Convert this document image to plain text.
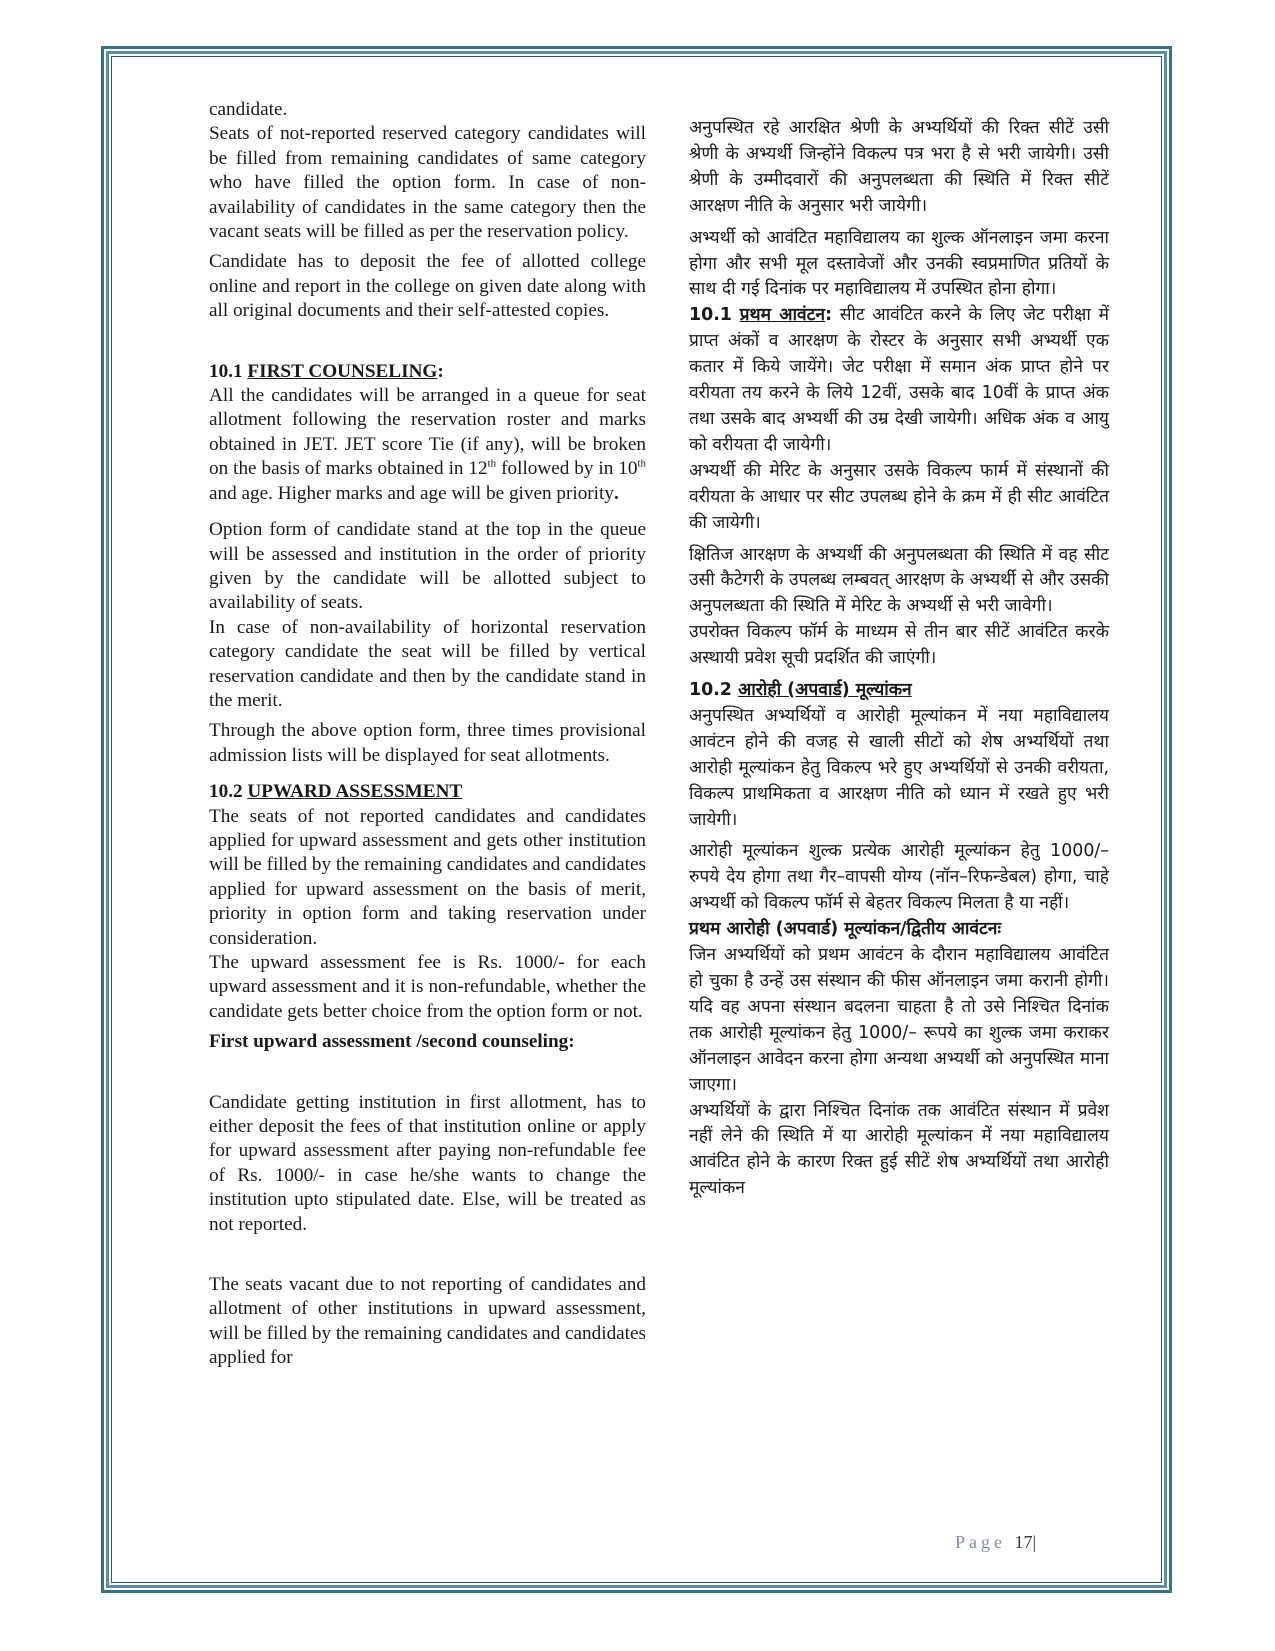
candidate.

Seats of not-reported reserved category candidates will be filled from remaining candidates of same category who have filled the option form. In case of non-availability of candidates in the same category then the vacant seats will be filled as per the reservation policy.

Candidate has to deposit the fee of allotted college online and report in the college on given date along with all original documents and their self-attested copies.

10.1 FIRST COUNSELING:

All the candidates will be arranged in a queue for seat allotment following the reservation roster and marks obtained in JET. JET score Tie (if any), will be broken on the basis of marks obtained in 12th followed by in 10th and age. Higher marks and age will be given priority.

Option form of candidate stand at the top in the queue will be assessed and institution in the order of priority given by the candidate will be allotted subject to availability of seats.

In case of non-availability of horizontal reservation category candidate the seat will be filled by vertical reservation candidate and then by the candidate stand in the merit.

Through the above option form, three times provisional admission lists will be displayed for seat allotments.

10.2 UPWARD ASSESSMENT

The seats of not reported candidates and candidates applied for upward assessment and gets other institution will be filled by the remaining candidates and candidates applied for upward assessment on the basis of merit, priority in option form and taking reservation under consideration.

The upward assessment fee is Rs. 1000/- for each upward assessment and it is non-refundable, whether the candidate gets better choice from the option form or not.

First upward assessment /second counseling:

Candidate getting institution in first allotment, has to either deposit the fees of that institution online or apply for upward assessment after paying non-refundable fee of Rs. 1000/- in case he/she wants to change the institution upto stipulated date. Else, will be treated as not reported.

The seats vacant due to not reporting of candidates and allotment of other institutions in upward assessment, will be filled by the remaining candidates and candidates applied for

अनुपस्थित रहे आरक्षित श्रेणी के अभ्यर्थियों की रिक्त सीटें उसी श्रेणी के अभ्यर्थी जिन्होंने विकल्प पत्र भरा है से भरी जायेगी। उसी श्रेणी के उम्मीदवारों की अनुपलब्धता की स्थिति में रिक्त सीटें आरक्षण नीति के अनुसार भरी जायेगी।

अभ्यर्थी को आवंटित महाविद्यालय का शुल्क ऑनलाइन जमा करना होगा और सभी मूल दस्तावेजों और उनकी स्वप्रमाणित प्रतियों के साथ दी गई दिनांक पर महाविद्यालय में उपस्थित होना होगा।

10.1 प्रथम आवंटन: सीट आवंटित करने के लिए जेट परीक्षा में प्राप्त अंकों व आरक्षण के रोस्टर के अनुसार सभी अभ्यर्थी एक कतार में किये जायेंगे। जेट परीक्षा में समान अंक प्राप्त होने पर वरीयता तय करने के लिये 12वीं, उसके बाद 10वीं के प्राप्त अंक तथा उसके बाद अभ्यर्थी की उम्र देखी जायेगी। अधिक अंक व आयु को वरीयता दी जायेगी।

अभ्यर्थी की मेरिट के अनुसार उसके विकल्प फार्म में संस्थानों की वरीयता के आधार पर सीट उपलब्ध होने के क्रम में ही सीट आवंटित की जायेगी।

क्षितिज आरक्षण के अभ्यर्थी की अनुपलब्धता की स्थिति में वह सीट उसी कैटेगरी के उपलब्ध लम्बवत् आरक्षण के अभ्यर्थी से और उसकी अनुपलब्धता की स्थिति में मेरिट के अभ्यर्थी से भरी जावेगी।

उपरोक्त विकल्प फॉर्म के माध्यम से तीन बार सीटें आवंटित करके अस्थायी प्रवेश सूची प्रदर्शित की जाएंगी।

10.2 आरोही (अपवार्ड) मूल्यांकन

अनुपस्थित अभ्यर्थियों व आरोही मूल्यांकन में नया महाविद्यालय आवंटन होने की वजह से खाली सीटों को शेष अभ्यर्थियों तथा आरोही मूल्यांकन हेतु विकल्प भरे हुए अभ्यर्थियों से उनकी वरीयता, विकल्प प्राथमिकता व आरक्षण नीति को ध्यान में रखते हुए भरी जायेगी।

आरोही मूल्यांकन शुल्क प्रत्येक आरोही मूल्यांकन हेतु 1000/– रुपये देय होगा तथा गैर–वापसी योग्य (नॉन–रिफन्डेबल) होगा, चाहे अभ्यर्थी को विकल्प फॉर्म से बेहतर विकल्प मिलता है या नहीं।

प्रथम आरोही (अपवार्ड) मूल्यांकन/द्वितीय आवंटनः

जिन अभ्यर्थियों को प्रथम आवंटन के दौरान महाविद्यालय आवंटित हो चुका है उन्हें उस संस्थान की फीस ऑनलाइन जमा करानी होगी। यदि वह अपना संस्थान बदलना चाहता है तो उसे निश्चित दिनांक तक आरोही मूल्यांकन हेतु 1000/– रूपये का शुल्क जमा कराकर ऑनलाइन आवेदन करना होगा अन्यथा अभ्यर्थी को अनुपस्थित माना जाएगा।

अभ्यर्थियों के द्वारा निश्चित दिनांक तक आवंटित संस्थान में प्रवेश नहीं लेने की स्थिति में या आरोही मूल्यांकन में नया महाविद्यालय आवंटित होने के कारण रिक्त हुई सीटें शेष अभ्यर्थियों तथा आरोही मूल्यांकन

Page 17|
